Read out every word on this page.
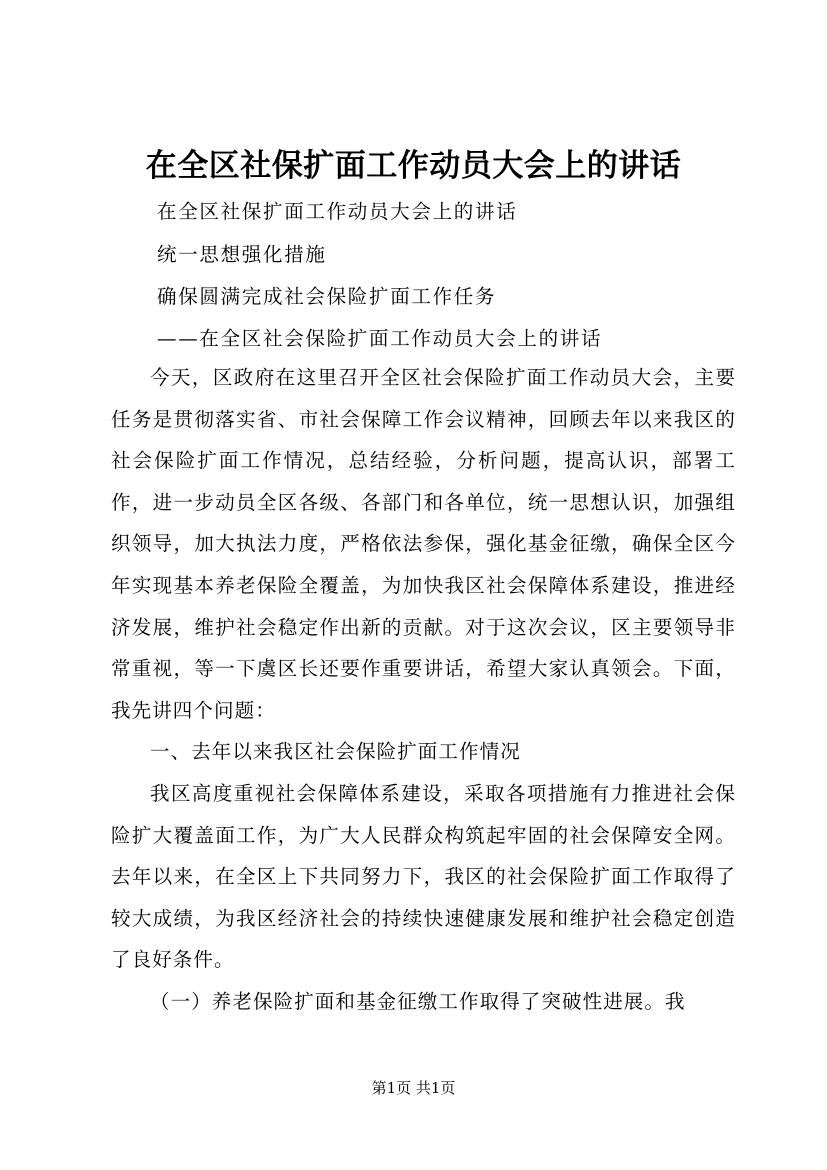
在全区社保扩面工作动员大会上的讲话
在全区社保扩面工作动员大会上的讲话
统一思想强化措施
确保圆满完成社会保险扩面工作任务
——在全区社会保险扩面工作动员大会上的讲话

今天，区政府在这里召开全区社会保险扩面工作动员大会，主要任务是贯彻落实省、市社会保障工作会议精神，回顾去年以来我区的社会保险扩面工作情况，总结经验，分析问题，提高认识，部署工作，进一步动员全区各级、各部门和各单位，统一思想认识，加强组织领导，加大执法力度，严格依法参保，强化基金征缴，确保全区今年实现基本养老保险全覆盖，为加快我区社会保障体系建设，推进经济发展，维护社会稳定作出新的贡献。对于这次会议，区主要领导非常重视，等一下虞区长还要作重要讲话，希望大家认真领会。下面，我先讲四个问题：

一、去年以来我区社会保险扩面工作情况

我区高度重视社会保障体系建设，采取各项措施有力推进社会保险扩大覆盖面工作，为广大人民群众构筑起牢固的社会保障安全网。去年以来，在全区上下共同努力下，我区的社会保险扩面工作取得了较大成绩，为我区经济社会的持续快速健康发展和维护社会稳定创造了良好条件。

（一）养老保险扩面和基金征缴工作取得了突破性进展。我

第1页 共1页
